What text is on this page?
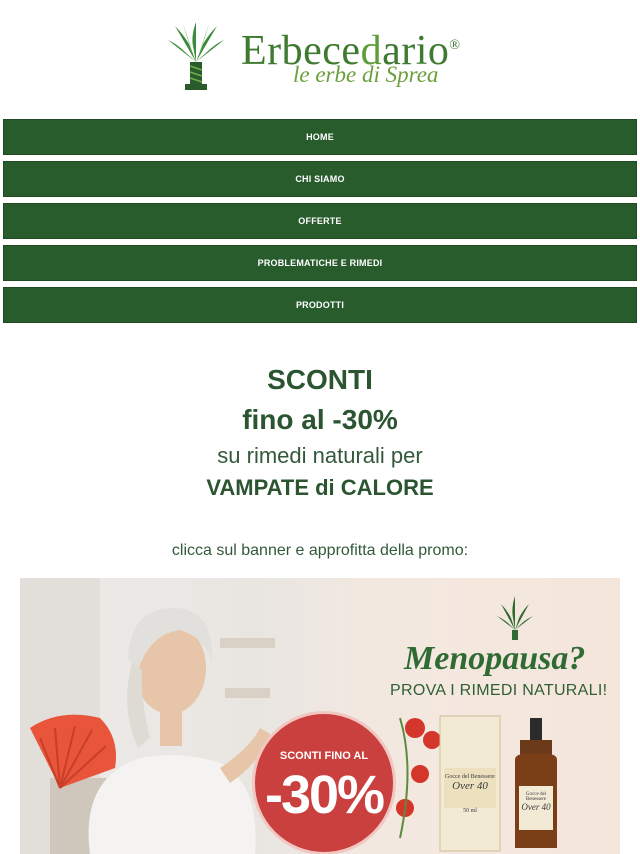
Erbecedario®
le erbe di Sprea
HOME
CHI SIAMO
OFFERTE
PROBLEMATICHE E RIMEDI
PRODOTTI
SCONTI
fino al -30%
su rimedi naturali per
VAMPATE di CALORE
clicca sul banner e approfitta della promo:
Menopausa?
PROVA I RIMEDI NATURALI!
SCONTI FINO AL
-30%	Gocce del Benessere
Over 40
50 ml
Gocce del Benessere
Over 40
